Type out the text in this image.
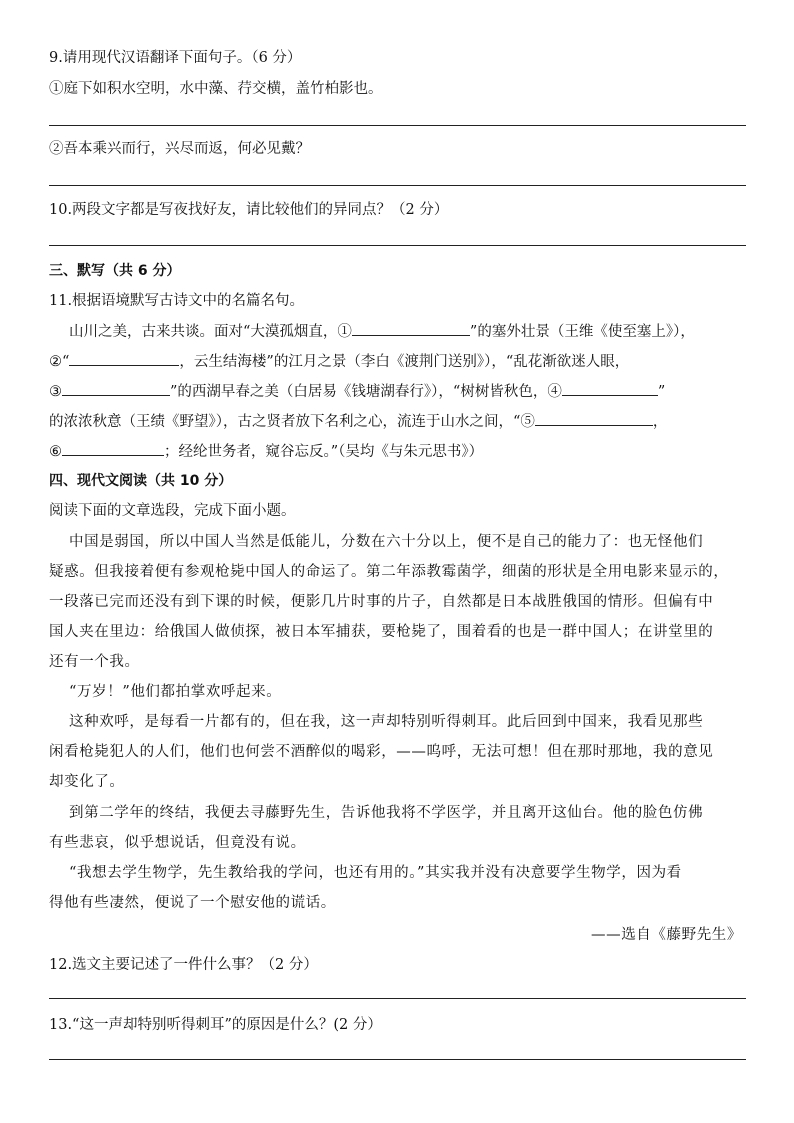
9.请用现代汉语翻译下面句子。（6 分）
①庭下如积水空明，水中藻、荇交横，盖竹柏影也。
②吾本乘兴而行，兴尽而返，何必见戴？
10.两段文字都是写夜找好友，请比较他们的异同点？（2 分）
三、默写（共 6 分）
11.根据语境默写古诗文中的名篇名句。
山川之美，古来共谈。面对“大漠孤烟直，①	”的塞外壮景（王维《使至塞上》），
②“	，云生结海楼”的江月之景（李白《渡荆门送别》），“乱花渐欲迷人眼，
③	”的西湖早春之美（白居易《钱塘湖春行》），“树树皆秋色，④	”
的浓浓秋意（王绩《野望》），古之贤者放下名利之心，流连于山水之间，“⑤	，
⑥	；经纶世务者，窥谷忘反。”（吴均《与朱元思书》）
四、现代文阅读（共 10 分）
阅读下面的文章选段，完成下面小题。
中国是弱国，所以中国人当然是低能儿，分数在六十分以上，便不是自己的能力了：也无怪他们
疑惑。但我接着便有参观枪毙中国人的命运了。第二年添教霉菌学，细菌的形状是全用电影来显示的，
一段落已完而还没有到下课的时候，便影几片时事的片子，自然都是日本战胜俄国的情形。但偏有中
国人夹在里边：给俄国人做侦探，被日本军捕获，要枪毙了，围着看的也是一群中国人；在讲堂里的
还有一个我。
“万岁！”他们都拍掌欢呼起来。
这种欢呼，是每看一片都有的，但在我，这一声却特别听得刺耳。此后回到中国来，我看见那些
闲看枪毙犯人的人们，他们也何尝不酒醉似的喝彩，——呜呼，无法可想！但在那时那地，我的意见
却变化了。
到第二学年的终结，我便去寻藤野先生，告诉他我将不学医学，并且离开这仙台。他的脸色仿佛
有些悲哀，似乎想说话，但竟没有说。
“我想去学生物学，先生教给我的学问，也还有用的。”其实我并没有决意要学生物学，因为看
得他有些凄然，便说了一个慰安他的谎话。
——选自《藤野先生》
12.选文主要记述了一件什么事？（2 分）
13.“这一声却特别听得刺耳”的原因是什么？(2 分）
